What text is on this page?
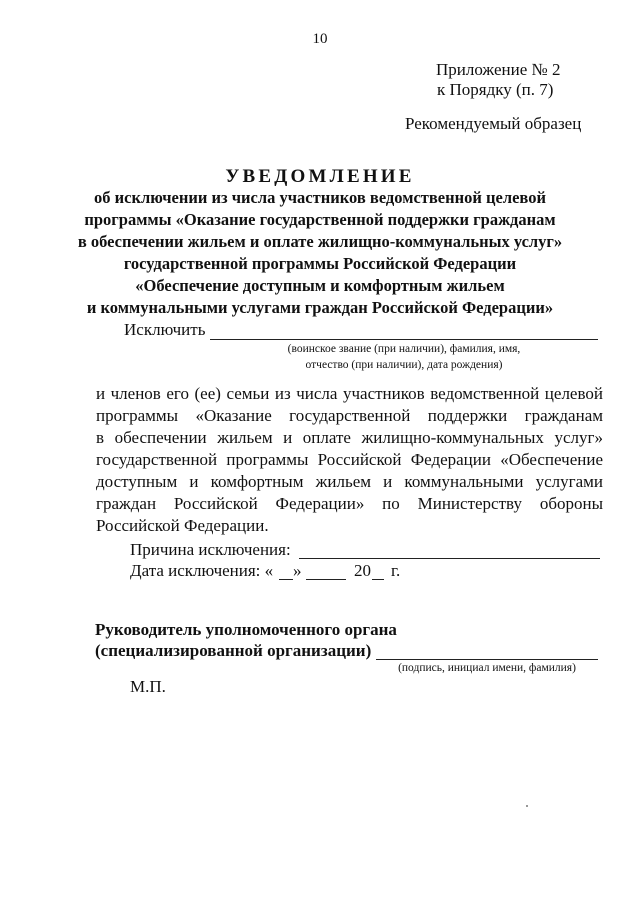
10
Приложение № 2
к Порядку (п. 7)
Рекомендуемый образец
УВЕДОМЛЕНИЕ
об исключении из числа участников ведомственной целевой
программы «Оказание государственной поддержки гражданам
в обеспечении жильем и оплате жилищно-коммунальных услуг»
государственной программы Российской Федерации
«Обеспечение доступным и комфортным жильем
и коммунальными услугами граждан Российской Федерации»
Исключить
(воинское звание (при наличии), фамилия, имя,
отчество (при наличии), дата рождения)
и членов его (ее) семьи из числа участников ведомственной целевой
программы «Оказание государственной поддержки гражданам
в обеспечении жильем и оплате жилищно-коммунальных услуг»
государственной программы Российской Федерации «Обеспечение
доступным и комфортным жильем и коммунальными услугами
граждан Российской Федерации» по Министерству обороны
Российской Федерации.
Причина исключения:
Дата исключения: « »	20 г.
Руководитель уполномоченного органа
(специализированной организации)
(подпись, инициал имени, фамилия)
М.П.
